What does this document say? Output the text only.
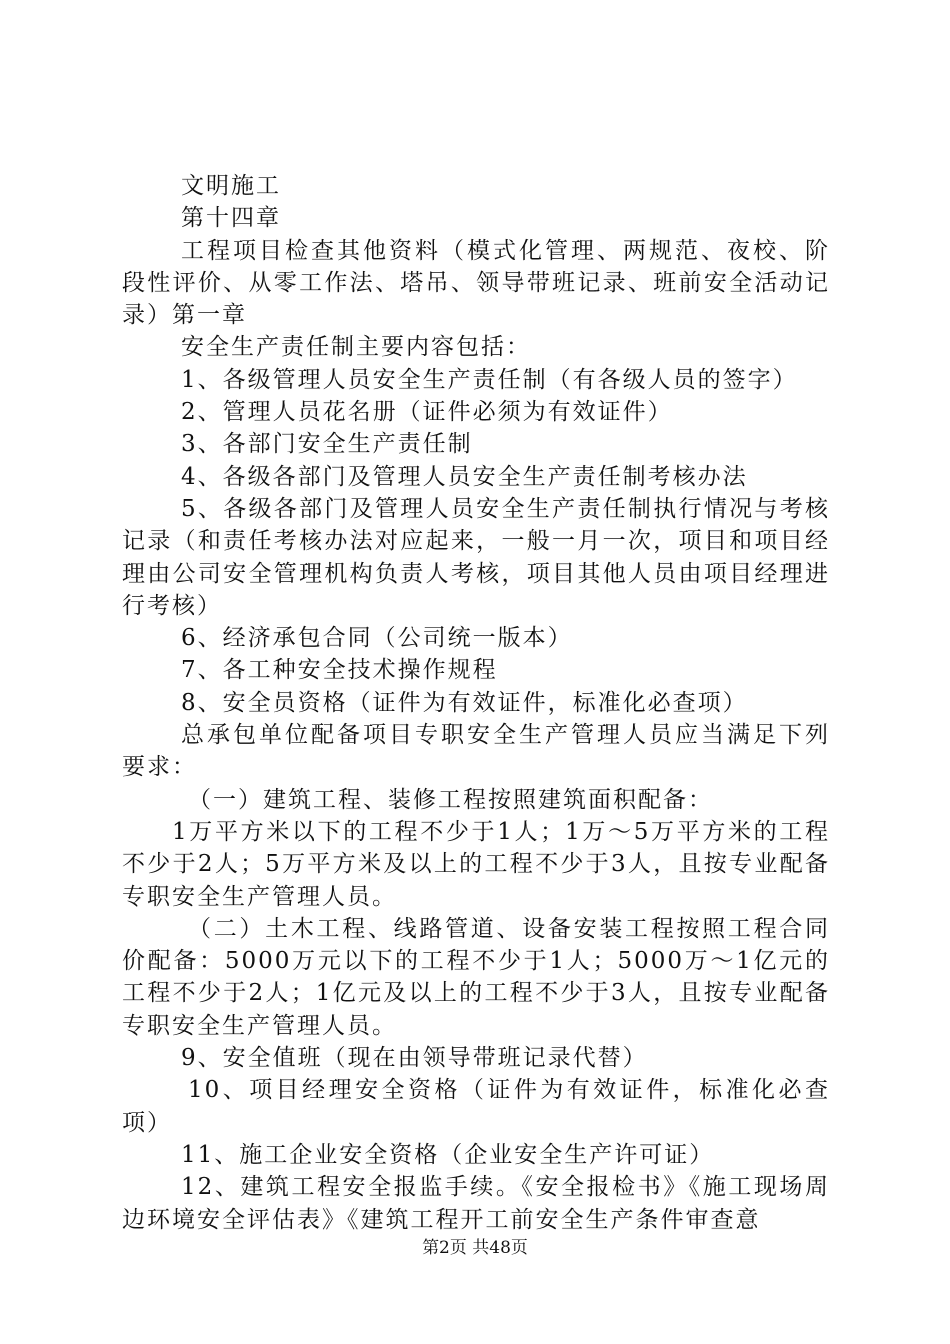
文明施工

第十四章

工程项目检查其他资料（模式化管理、两规范、夜校、阶段性评价、从零工作法、塔吊、领导带班记录、班前安全活动记录）第一章

安全生产责任制主要内容包括：

1、各级管理人员安全生产责任制（有各级人员的签字）

2、管理人员花名册（证件必须为有效证件）

3、各部门安全生产责任制

4、各级各部门及管理人员安全生产责任制考核办法

5、各级各部门及管理人员安全生产责任制执行情况与考核记录（和责任考核办法对应起来，一般一月一次，项目和项目经理由公司安全管理机构负责人考核，项目其他人员由项目经理进行考核）

6、经济承包合同（公司统一版本）

7、各工种安全技术操作规程

8、安全员资格（证件为有效证件，标准化必查项）

总承包单位配备项目专职安全生产管理人员应当满足下列要求：

（一）建筑工程、装修工程按照建筑面积配备：

1万平方米以下的工程不少于1人；1万～5万平方米的工程不少于2人；5万平方米及以上的工程不少于3人，且按专业配备专职安全生产管理人员。

（二）土木工程、线路管道、设备安装工程按照工程合同价配备：5000万元以下的工程不少于1人；5000万～1亿元的工程不少于2人；1亿元及以上的工程不少于3人，且按专业配备专职安全生产管理人员。

9、安全值班（现在由领导带班记录代替）

10、项目经理安全资格（证件为有效证件，标准化必查项）

11、施工企业安全资格（企业安全生产许可证）

12、建筑工程安全报监手续。《安全报检书》《施工现场周边环境安全评估表》《建筑工程开工前安全生产条件审查意

第2页 共48页
